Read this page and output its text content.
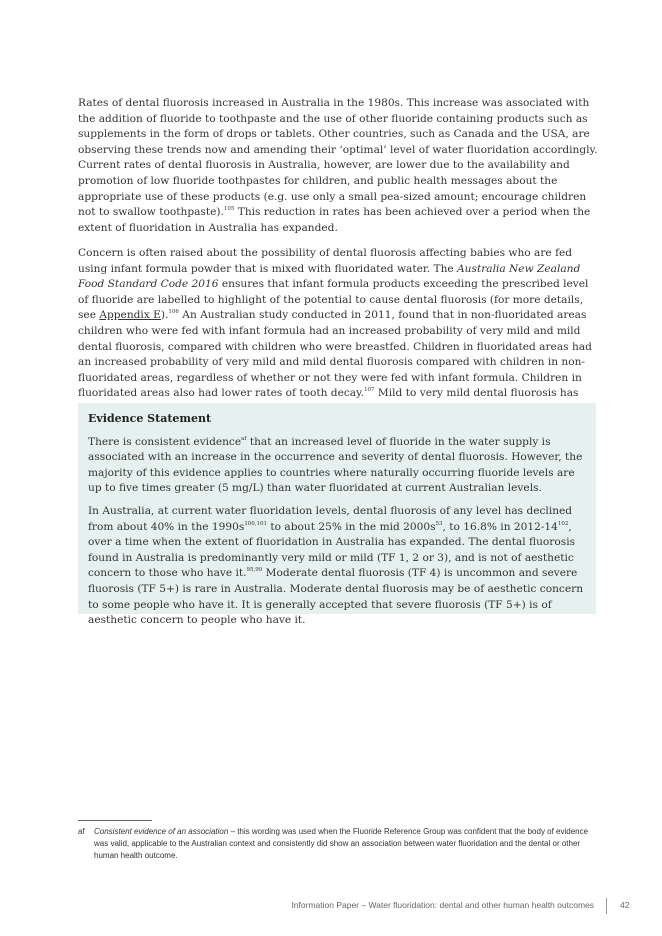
Rates of dental fluorosis increased in Australia in the 1980s. This increase was associated with the addition of fluoride to toothpaste and the use of other fluoride containing products such as supplements in the form of drops or tablets. Other countries, such as Canada and the USA, are observing these trends now and amending their ‘optimal’ level of water fluoridation accordingly. Current rates of dental fluorosis in Australia, however, are lower due to the availability and promotion of low fluoride toothpastes for children, and public health messages about the appropriate use of these products (e.g. use only a small pea-sized amount; encourage children not to swallow toothpaste).$^{105}$ This reduction in rates has been achieved over a period when the extent of fluoridation in Australia has expanded.

Concern is often raised about the possibility of dental fluorosis affecting babies who are fed using infant formula powder that is mixed with fluoridated water. The Australia New Zealand Food Standard Code 2016 ensures that infant formula products exceeding the prescribed level of fluoride are labelled to highlight of the potential to cause dental fluorosis (for more details, see Appendix E).$^{106}$ An Australian study conducted in 2011, found that in non-fluoridated areas children who were fed with infant formula had an increased probability of very mild and mild dental fluorosis, compared with children who were breastfed. Children in fluoridated areas had an increased probability of very mild and mild dental fluorosis compared with children in non-fluoridated areas, regardless of whether or not they were fed with infant formula. Children in fluoridated areas also had lower rates of tooth decay.$^{107}$ Mild to very mild dental fluorosis has

Evidence Statement

There is consistent evidence$^{af}$ that an increased level of fluoride in the water supply is associated with an increase in the occurrence and severity of dental fluorosis. However, the majority of this evidence applies to countries where naturally occurring fluoride levels are up to five times greater (5 mg/L) than water fluoridated at current Australian levels.

In Australia, at current water fluoridation levels, dental fluorosis of any level has declined from about 40% in the $1990s^{100,101}$ to about 25% in the mid $2000s^{53}$, to 16.8% in $2012-14^{102}$, over a time when the extent of fluoridation in Australia has expanded. The dental fluorosis found in Australia is predominantly very mild or mild (TF 1, 2 or 3), and is not of aesthetic concern to those who have it.$^{95,99}$ Moderate dental fluorosis (TF 4) is uncommon and severe fluorosis (TF 5+) is rare in Australia. Moderate dental fluorosis may be of aesthetic concern to some people who have it. It is generally accepted that severe fluorosis (TF 5+) is of aesthetic concern to people who have it.

af Consistent evidence of an association – this wording was used when the Fluoride Reference Group was confident that the body of evidence was valid, applicable to the Australian context and consistently did show an association between water fluoridation and the dental or other human health outcome.
Information Paper – Water fluoridation: dental and other human health outcomes	42
